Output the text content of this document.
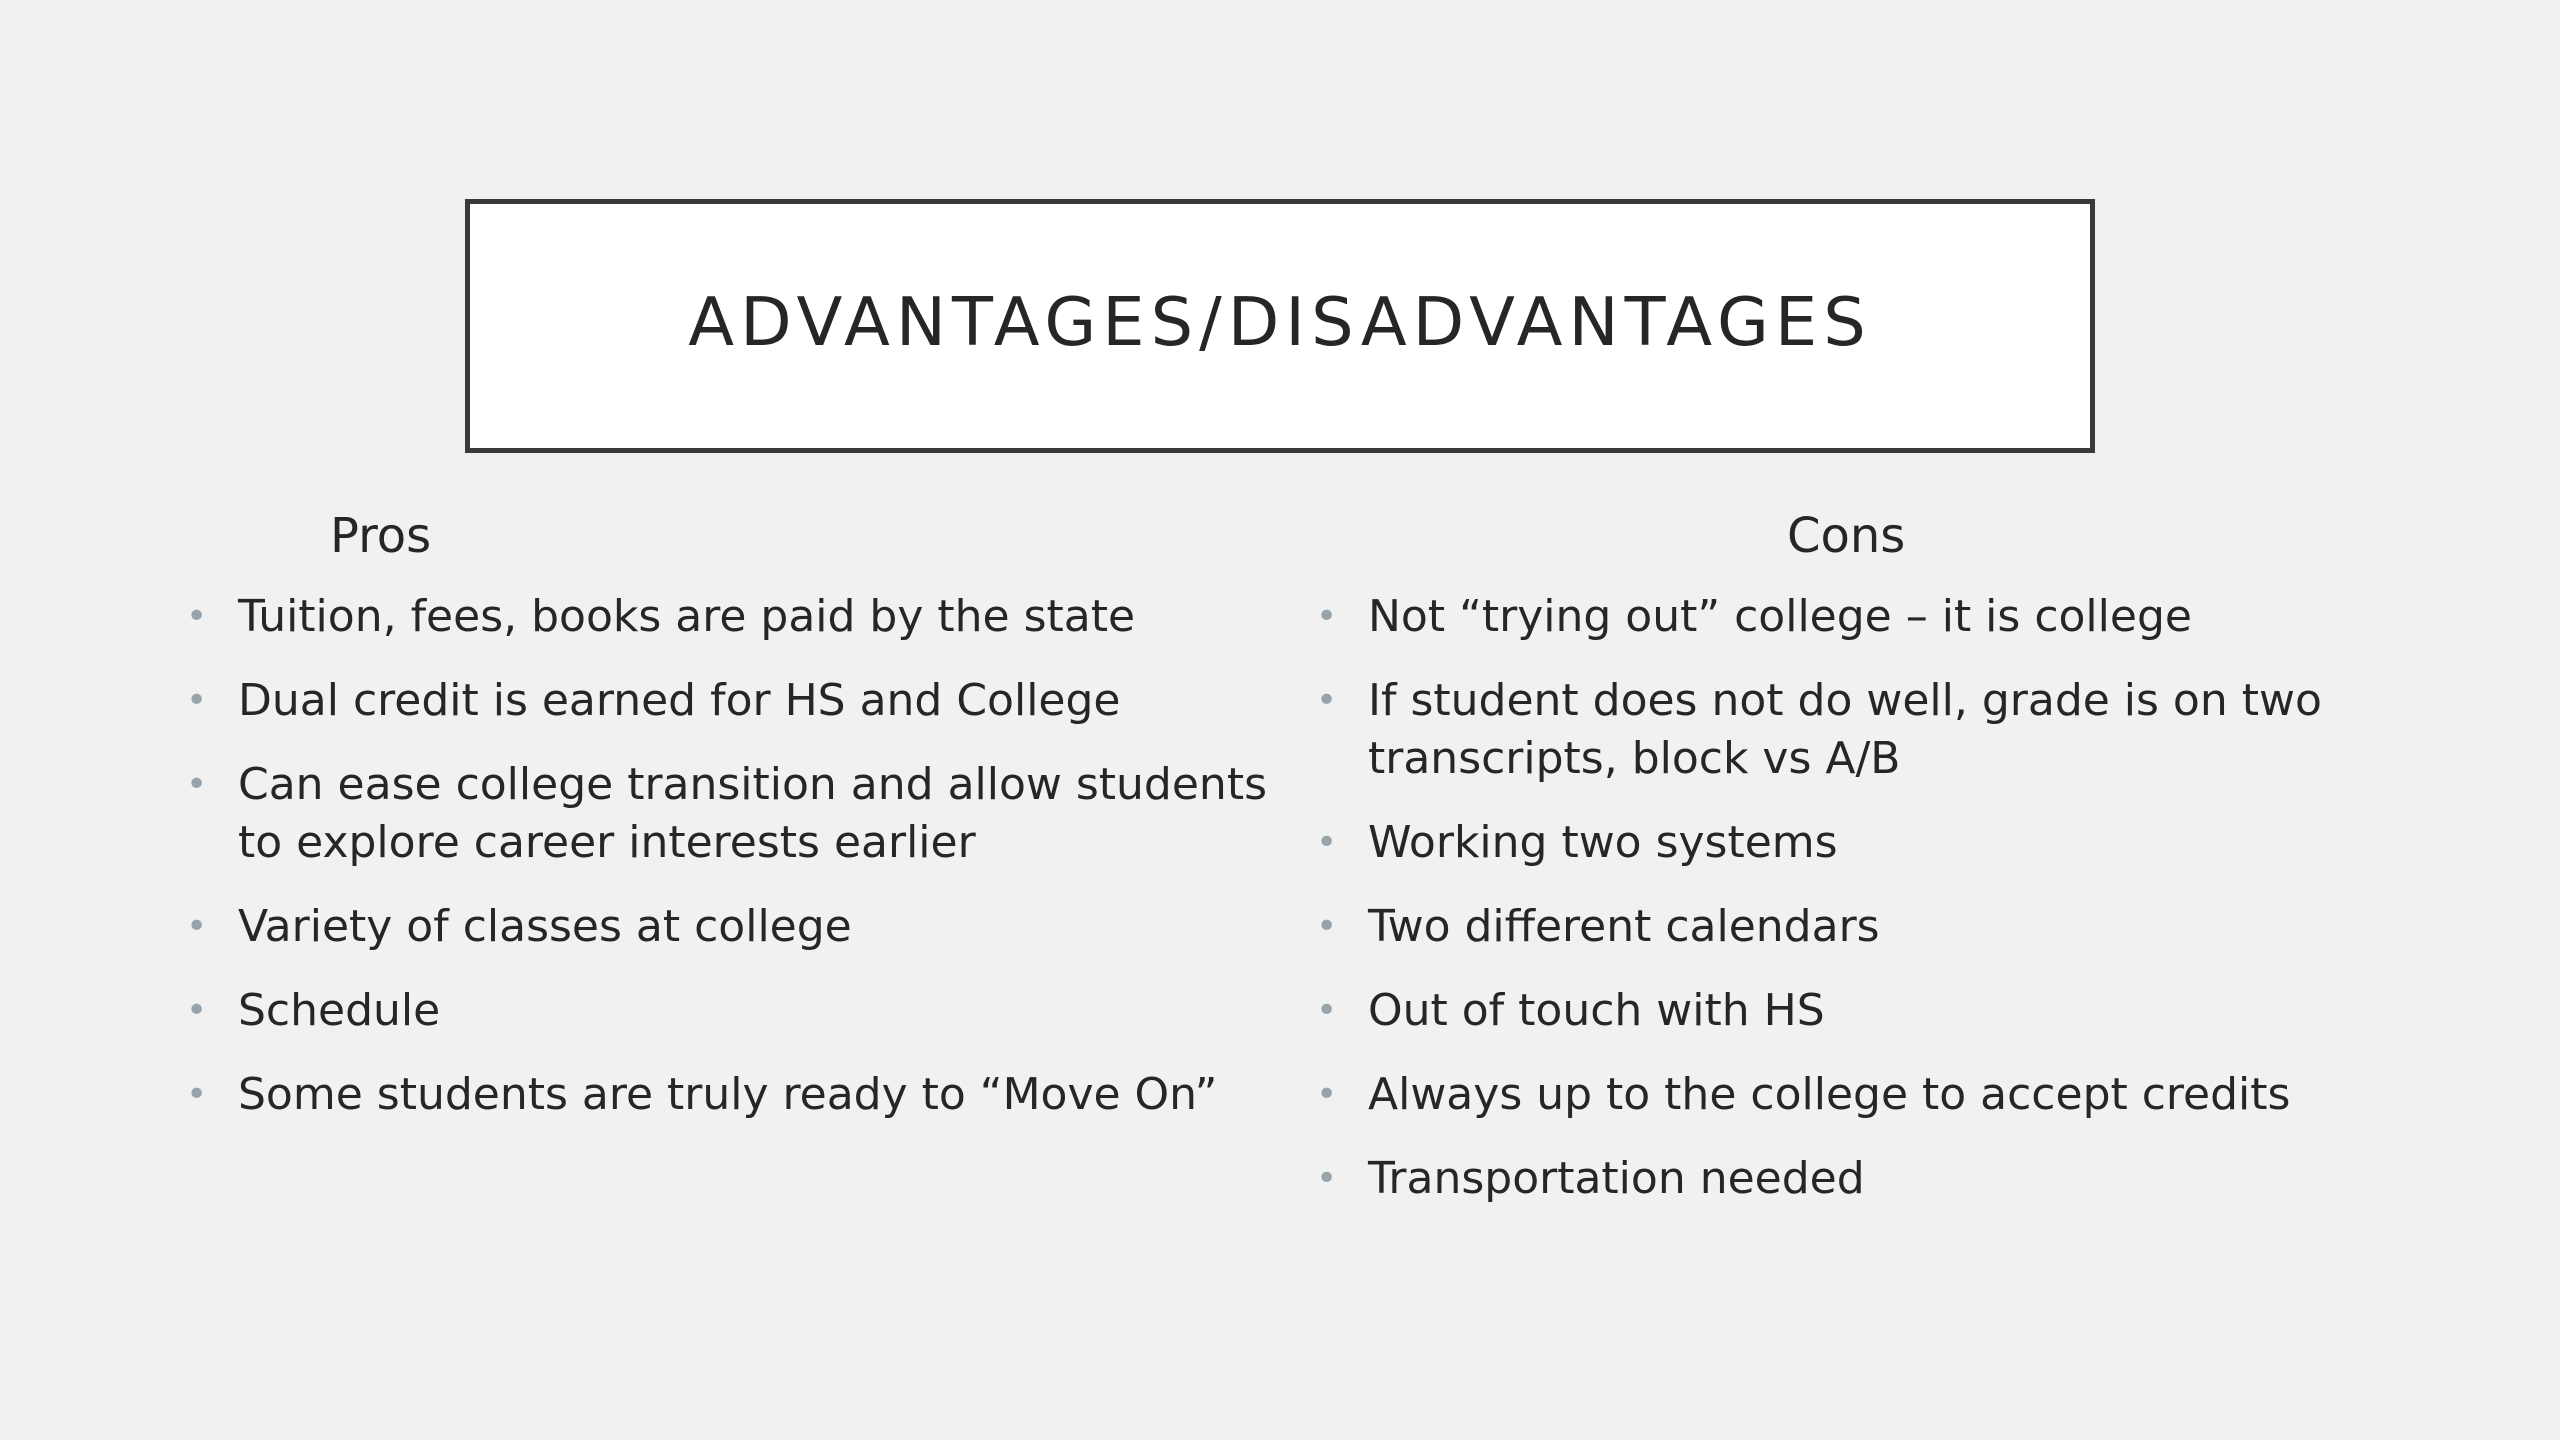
ADVANTAGES/DISADVANTAGES
Pros	Cons
• Tuition, fees, books are paid by the state
• Dual credit is earned for HS and College
• Can ease college transition and allow students to explore career interests earlier
• Variety of classes at college
• Schedule
• Some students are truly ready to “Move On”
• Not “trying out” college – it is college
• If student does not do well, grade is on two transcripts, block vs A/B
• Working two systems
• Two different calendars
• Out of touch with HS
• Always up to the college to accept credits
• Transportation needed
